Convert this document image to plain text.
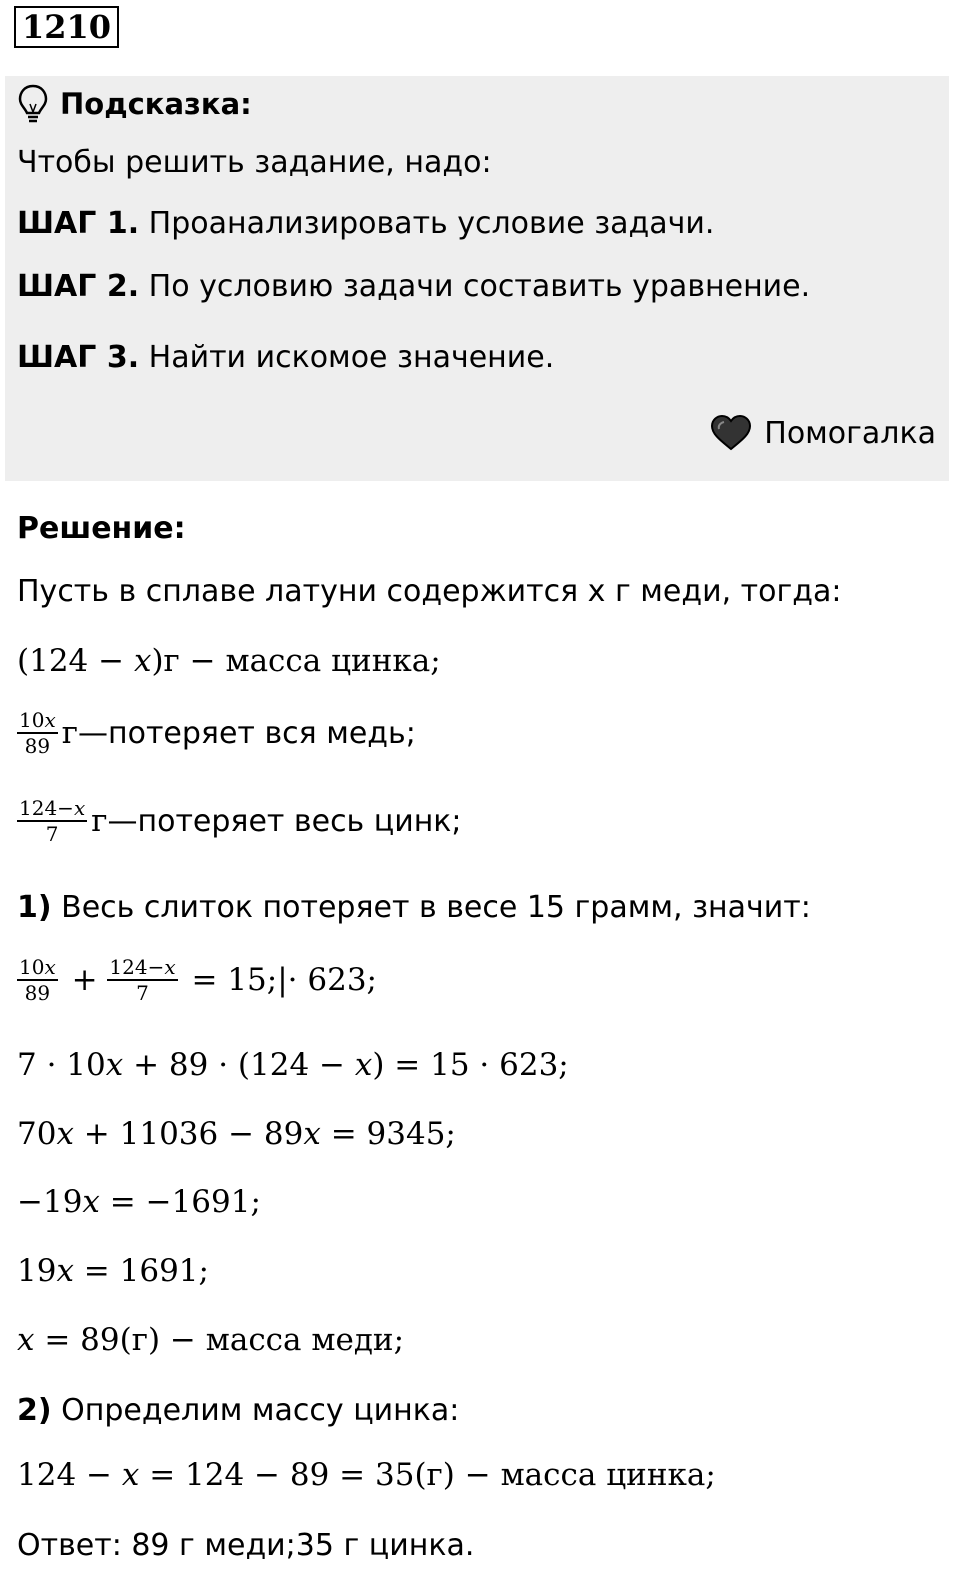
1210
Подсказка:
Чтобы решить задание, надо:
ШАГ 1. Проанализировать условие задачи.
ШАГ 2. По условию задачи составить уравнение.
ШАГ 3. Найти искомое значение.
Помогалка
Решение:
Пусть в сплаве латуни содержится х г меди, тогда:
(124 − x)г − масса цинка;
$\frac{10x}{89}$ г —потеряет вся медь;
$\frac{124-x}{7}$ г —потеряет весь цинк;
1) Весь слиток потеряет в весе 15 грамм, значит:
$\frac{10x}{89} + \frac{124-x}{7}$ = 15;|· 623;
7 · 10x + 89 · (124 − x) = 15 · 623;
70x + 11036 − 89x = 9345;
−19x = −1691;
19x = 1691;
x = 89(г) − масса меди;
2) Определим массу цинка:
124 − x = 124 − 89 = 35(г) − масса цинка;
Ответ: 89 г меди;35 г цинка.
